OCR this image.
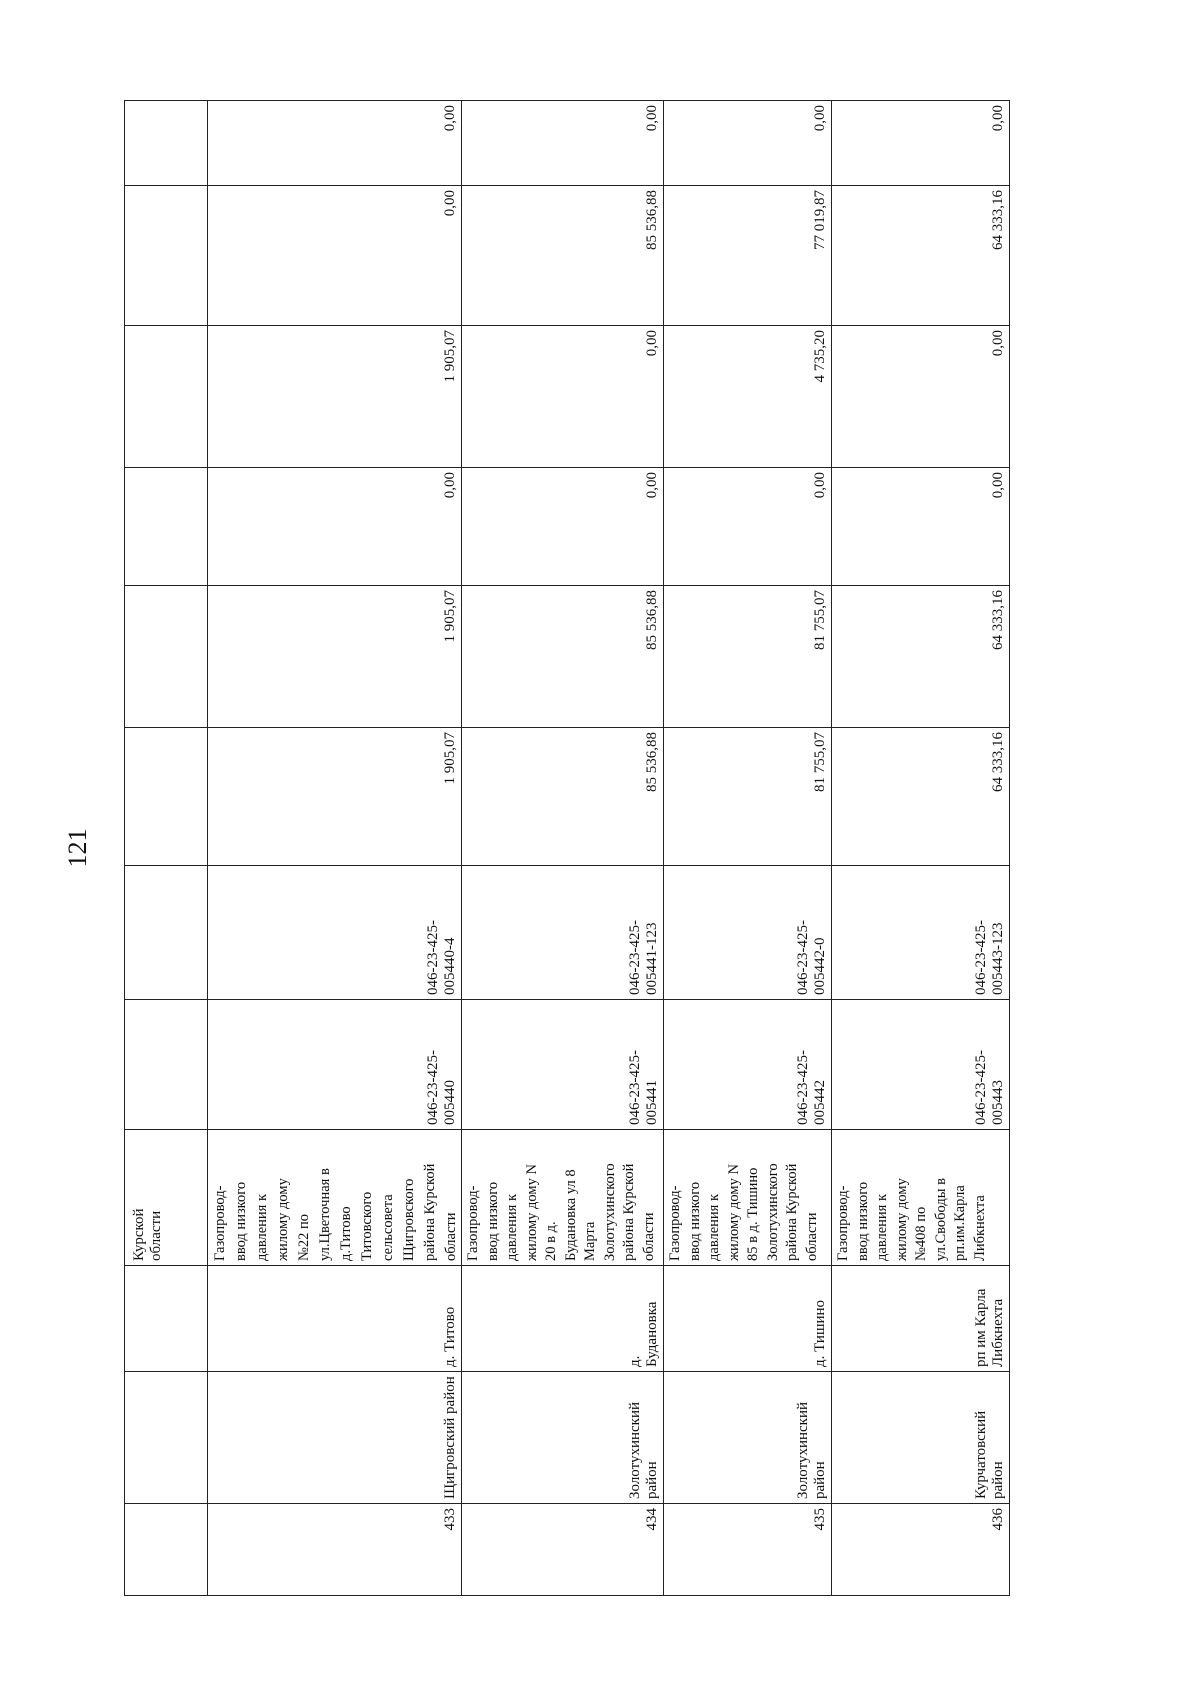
121
Курской
области
433
Щигровский район
д. Титово
Газопровод-
ввод низкого
давления к
жилому дому
№22 по
ул.Цветочная в
д.Титово
Титовского
сельсовета
Щигровского
района Курской
области
046-23-425-
005440
046-23-425-
005440-4
1 905,07
1 905,07
0,00
1 905,07
0,00
0,00
434
Золотухинский
район
д.
Будановка
Газопровод-
ввод низкого
давления к
жилому дому N
20 в д.
Будановка ул 8
Марта
Золотухинского
района Курской
области
046-23-425-
005441
046-23-425-
005441-123
85 536,88
85 536,88
0,00
0,00
85 536,88
0,00
435
Золотухинский
район
д. Тишино
Газопровод-
ввод низкого
давления к
жилому дому N
85 в д. Тишино
Золотухинского
района Курской
области
046-23-425-
005442
046-23-425-
005442-0
81 755,07
81 755,07
0,00
4 735,20
77 019,87
0,00
436
Курчатовский
район
рп им Карла
Либкнехта
Газопровод-
ввод низкого
давления к
жилому дому
№408 по
ул.Свободы в
рп.им.Карла
Либкнехта
046-23-425-
005443
046-23-425-
005443-123
64 333,16
64 333,16
0,00
0,00
64 333,16
0,00
